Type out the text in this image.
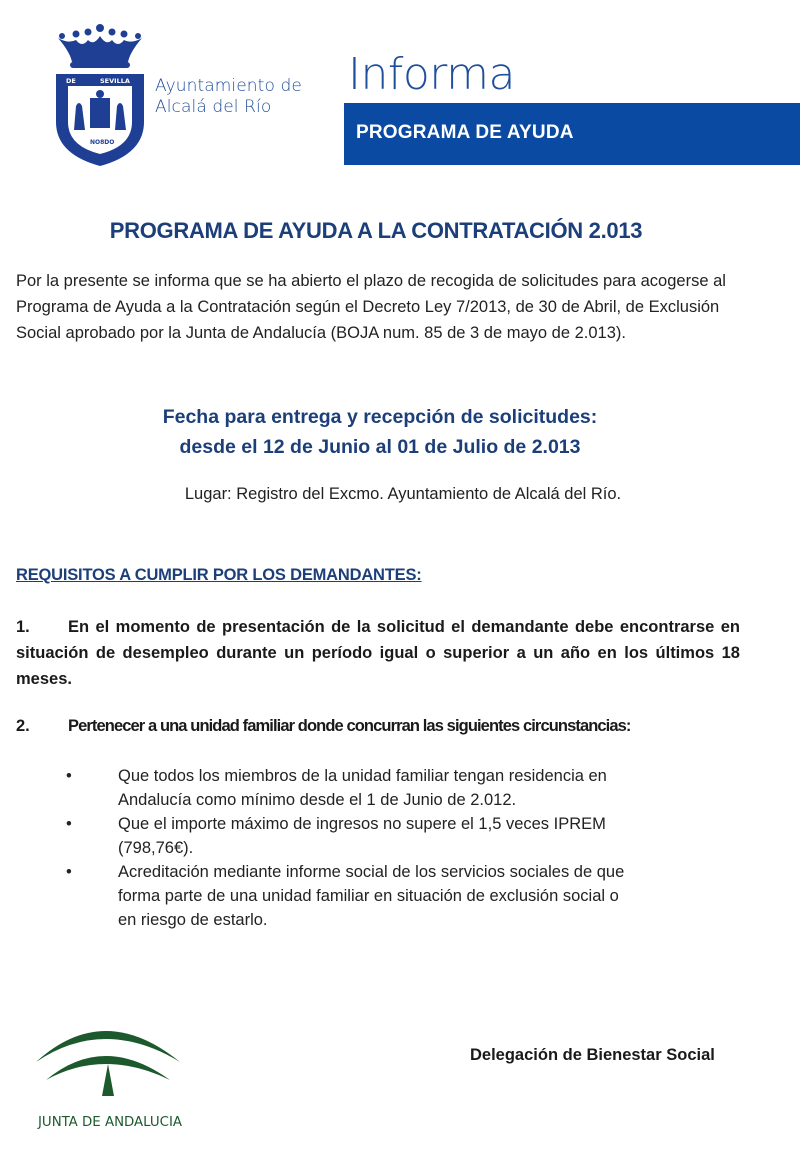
DE	SEVILLA
NO8DO
Ayuntamiento de
Alcalá del Río
Informa
PROGRAMA DE AYUDA
PROGRAMA DE AYUDA A LA CONTRATACIÓN 2.013
Por la presente se informa que se ha abierto el plazo de recogida de solicitudes para acogerse al Programa de Ayuda a la Contratación según el Decreto Ley 7/2013, de 30 de Abril, de Exclusión Social aprobado por la Junta de Andalucía (BOJA num. 85 de 3 de mayo de 2.013).
Fecha para entrega y recepción de solicitudes:
desde el 12 de Junio al 01 de Julio de 2.013
Lugar: Registro del Excmo. Ayuntamiento de Alcalá del Río.
REQUISITOS A CUMPLIR POR LOS DEMANDANTES:
1. En el momento de presentación de la solicitud el demandante debe encontrarse en situación de desempleo durante un período igual o superior a un año en los últimos 18 meses.
2. Pertenecer a una unidad familiar donde concurran las siguientes circunstancias:
•	Que todos los miembros de la unidad familiar tengan residencia en Andalucía como mínimo desde el 1 de Junio de 2.012.
•	Que el importe máximo de ingresos no supere el 1,5 veces IPREM (798,76€).
•	Acreditación mediante informe social de los servicios sociales de que forma parte de una unidad familiar en situación de exclusión social o en riesgo de estarlo.
JUNTA DE ANDALUCIA
Delegación de Bienestar Social
